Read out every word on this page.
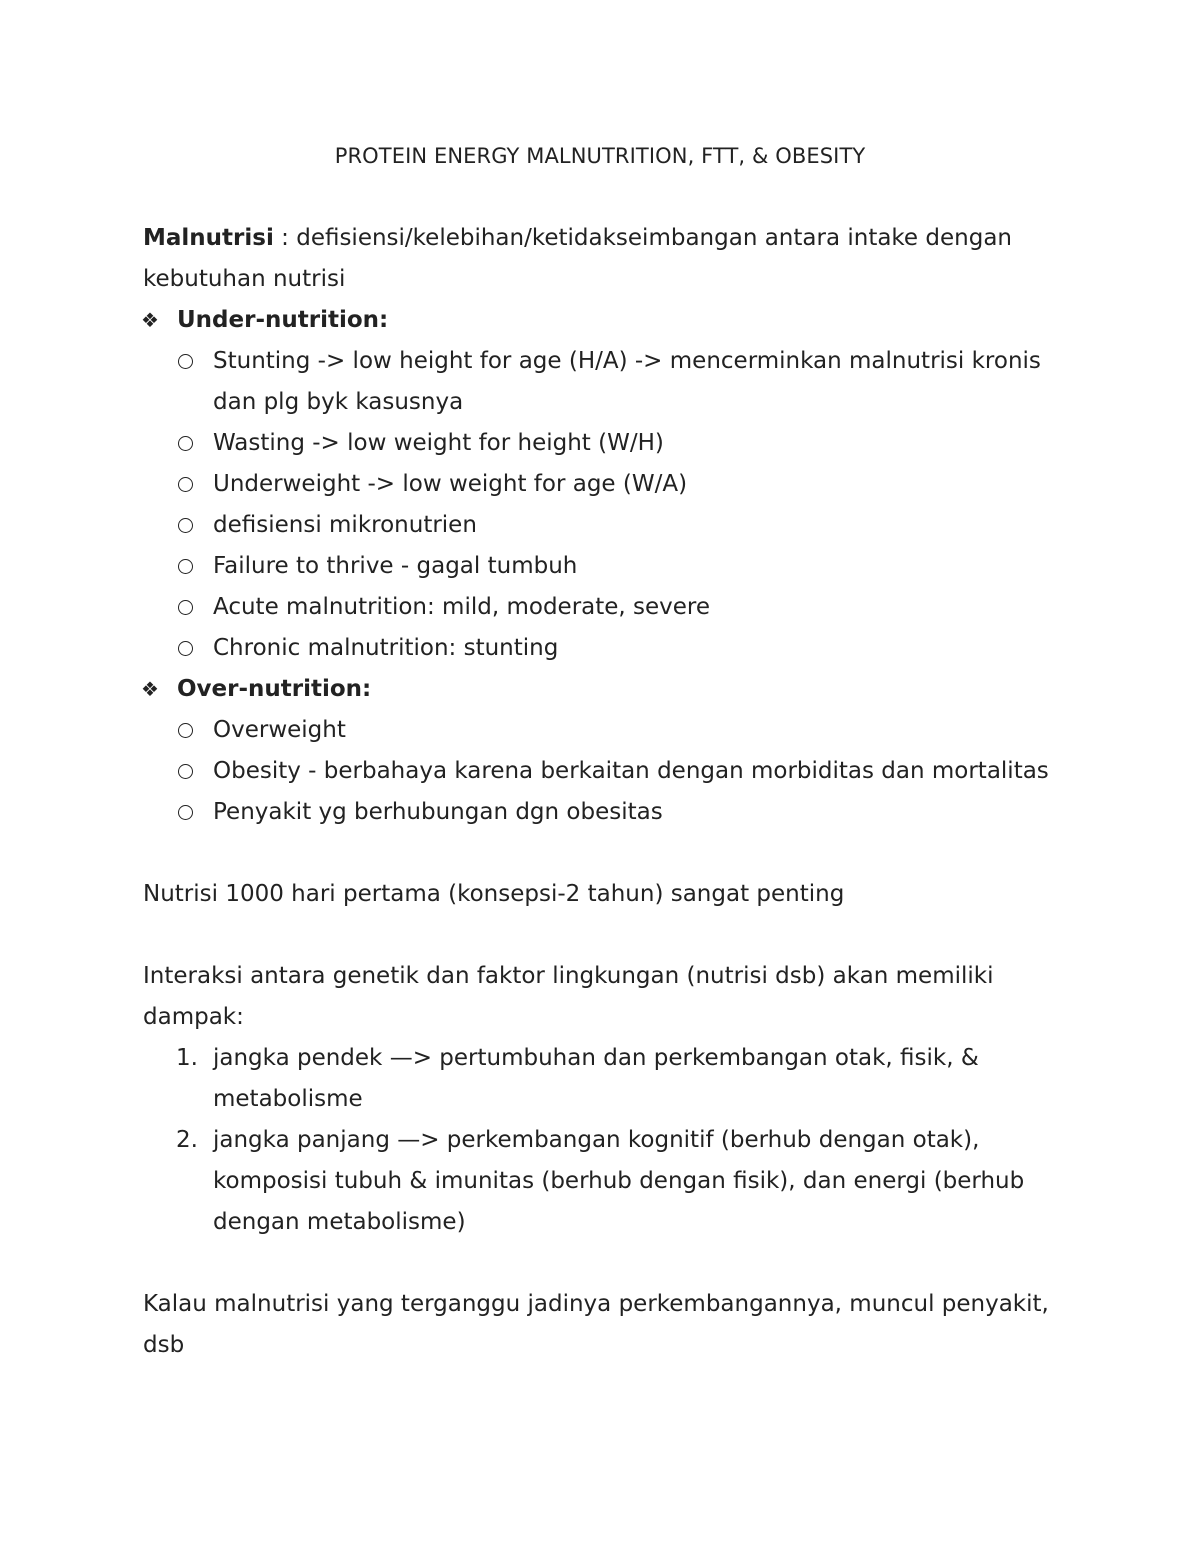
PROTEIN ENERGY MALNUTRITION, FTT, & OBESITY

Malnutrisi : defisiensi/kelebihan/ketidakseimbangan antara intake dengan kebutuhan nutrisi

❖ Under-nutrition:
Stunting -> low height for age (H/A) -> mencerminkan malnutrisi kronis dan plg byk kasusnya
Wasting -> low weight for height (W/H)
Underweight -> low weight for age (W/A)
defisiensi mikronutrien
Failure to thrive - gagal tumbuh
Acute malnutrition: mild, moderate, severe
Chronic malnutrition: stunting
❖ Over-nutrition:
Overweight
Obesity - berbahaya karena berkaitan dengan morbiditas dan mortalitas
Penyakit yg berhubungan dgn obesitas

Nutrisi 1000 hari pertama (konsepsi-2 tahun) sangat penting

Interaksi antara genetik dan faktor lingkungan (nutrisi dsb) akan memiliki dampak:

1. jangka pendek —> pertumbuhan dan perkembangan otak, fisik, & metabolisme
2. jangka panjang —> perkembangan kognitif (berhub dengan otak), komposisi tubuh & imunitas (berhub dengan fisik), dan energi (berhub dengan metabolisme)

Kalau malnutrisi yang terganggu jadinya perkembangannya, muncul penyakit, dsb
